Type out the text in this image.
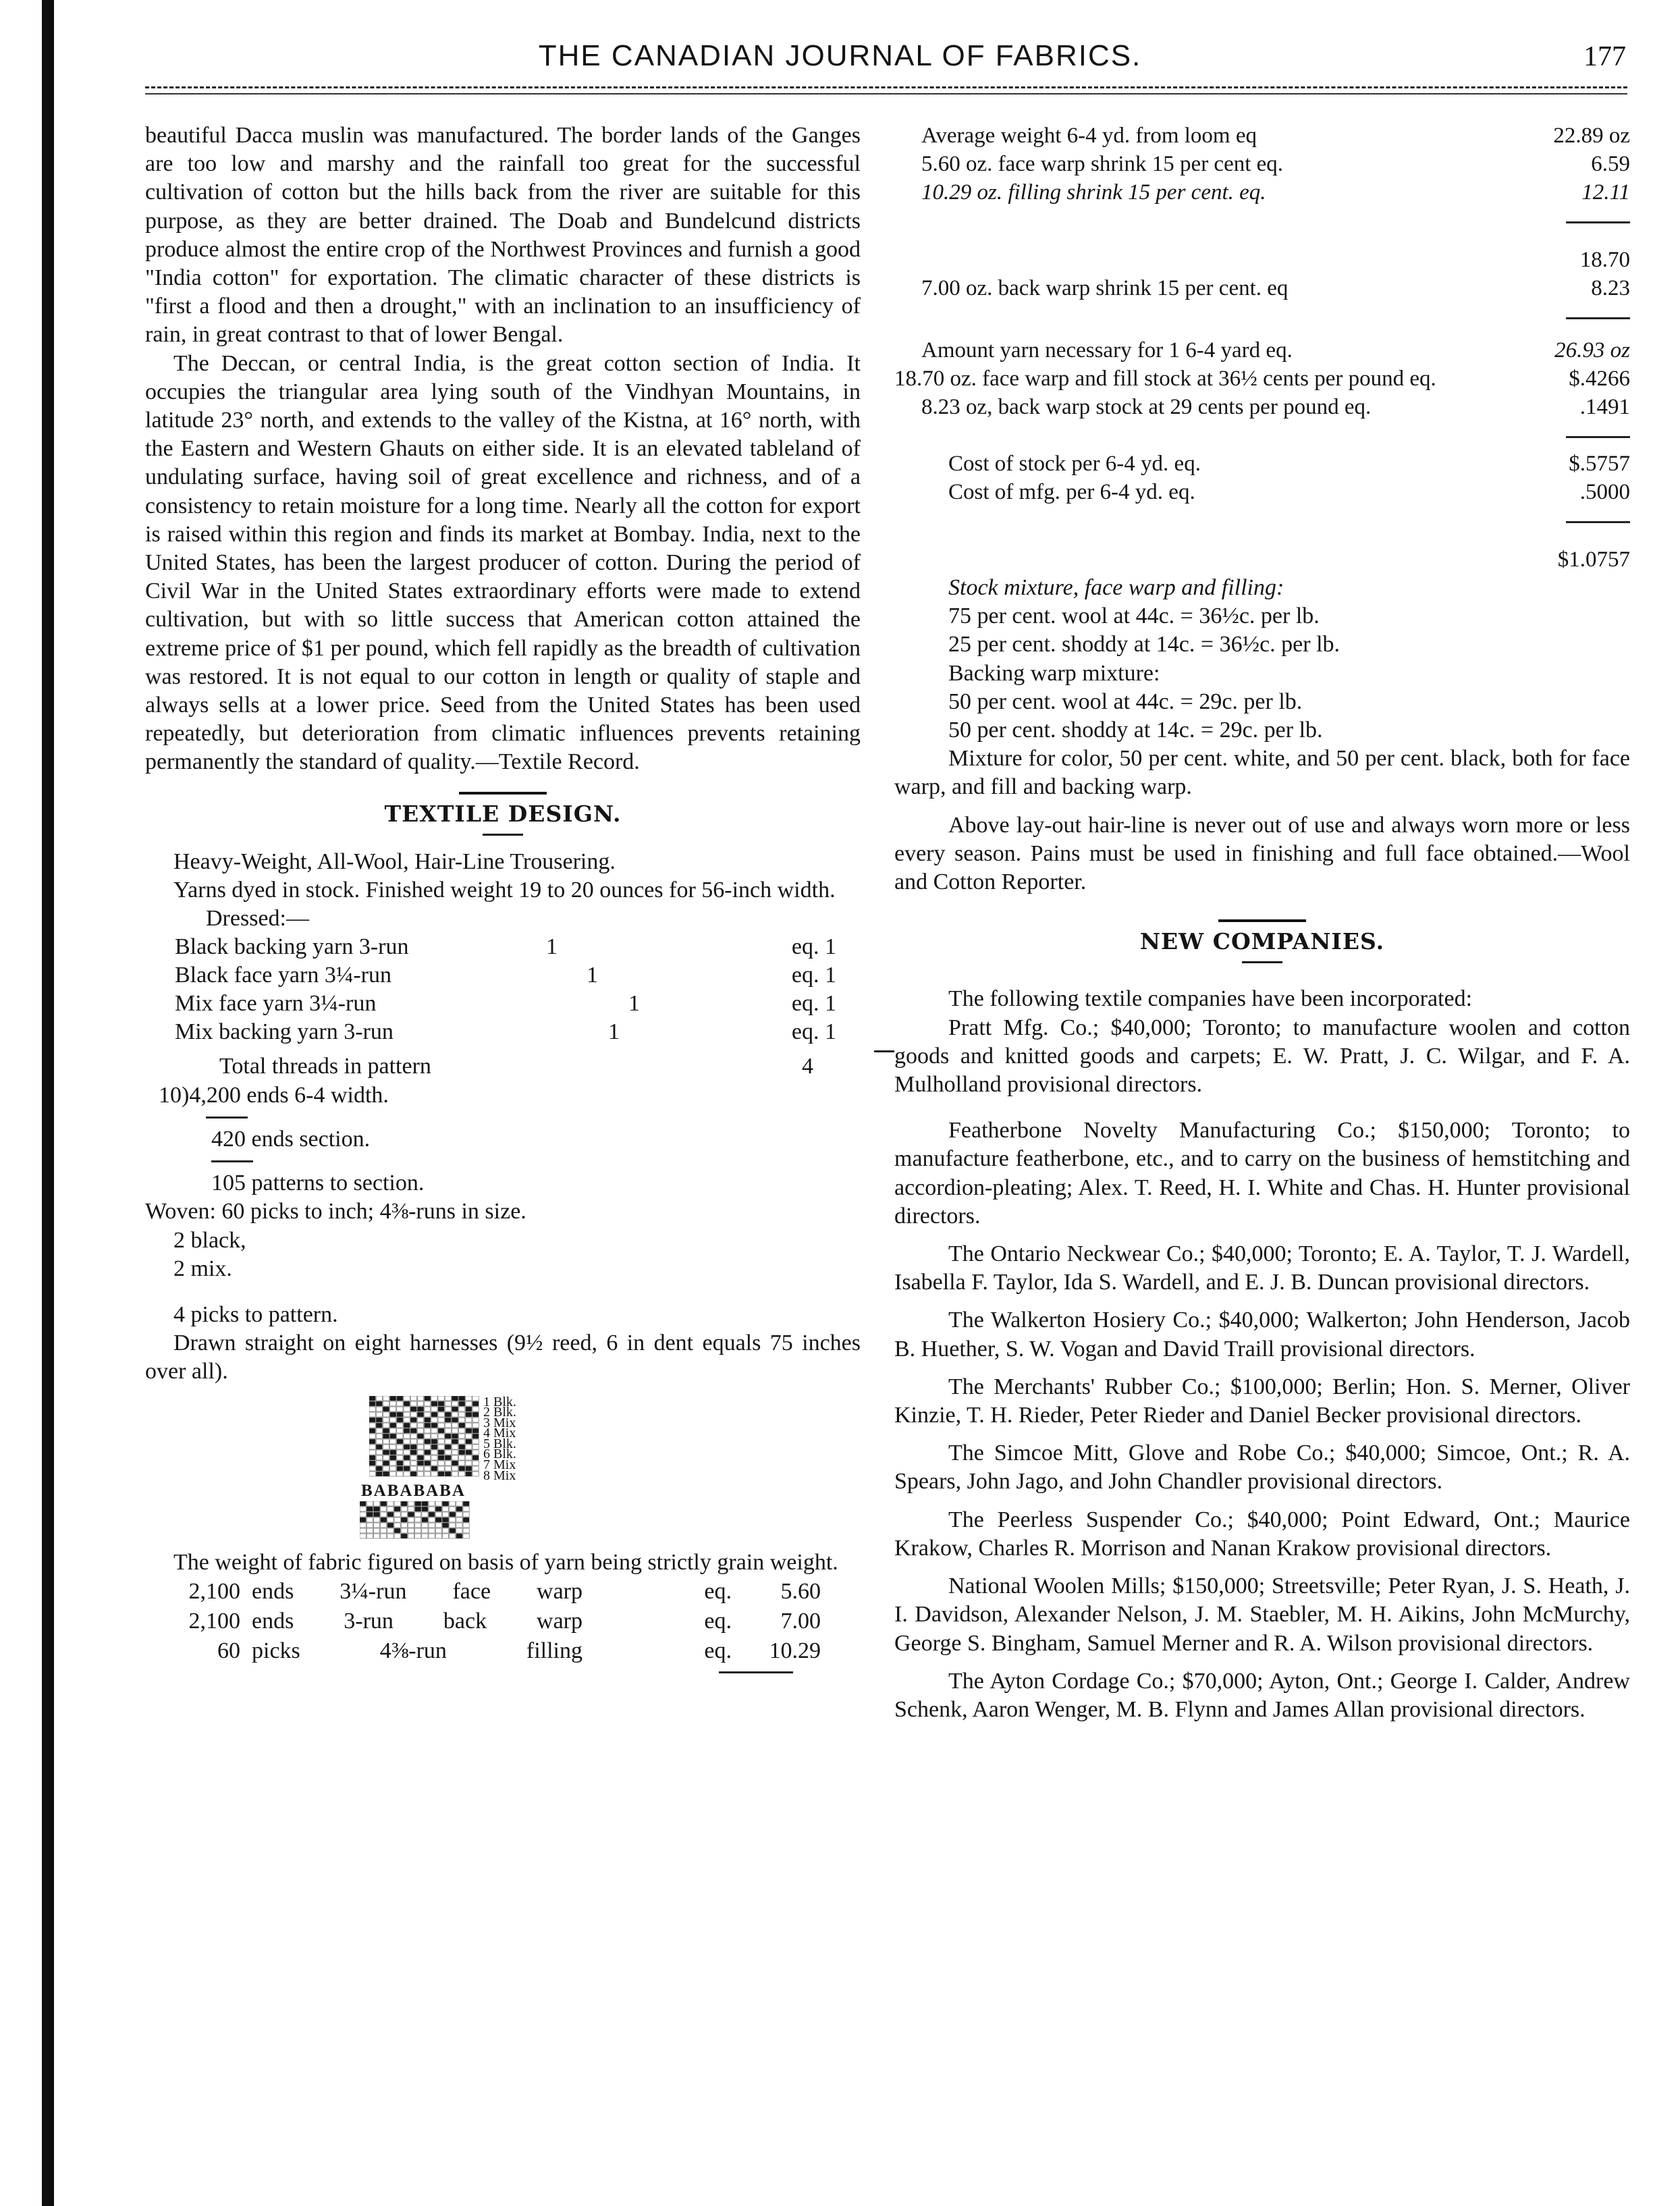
THE CANADIAN JOURNAL OF FABRICS.	177

beautiful Dacca muslin was manufactured. The border lands of the Ganges are too low and marshy and the rainfall too great for the successful cultivation of cotton but the hills back from the river are suitable for this purpose, as they are better drained. The Doab and Bundelcund districts produce almost the entire crop of the Northwest Provinces and furnish a good "India cotton" for exportation. The climatic character of these districts is "first a flood and then a drought," with an inclination to an insufficiency of rain, in great contrast to that of lower Bengal.

The Deccan, or central India, is the great cotton section of India. It occupies the triangular area lying south of the Vindhyan Mountains, in latitude 23° north, and extends to the valley of the Kistna, at 16° north, with the Eastern and Western Ghauts on either side. It is an elevated tableland of undulating surface, having soil of great excellence and richness, and of a consistency to retain moisture for a long time. Nearly all the cotton for export is raised within this region and finds its market at Bombay. India, next to the United States, has been the largest producer of cotton. During the period of Civil War in the United States extraordinary efforts were made to extend cultivation, but with so little success that American cotton attained the extreme price of $1 per pound, which fell rapidly as the breadth of cultivation was restored. It is not equal to our cotton in length or quality of staple and always sells at a lower price. Seed from the United States has been used repeatedly, but deterioration from climatic influences prevents retaining permanently the standard of quality.—Textile Record.

TEXTILE DESIGN.

Heavy-Weight, All-Wool, Hair-Line Trousering.

Yarns dyed in stock. Finished weight 19 to 20 ounces for 56-inch width.

Dressed:—

Black backing yarn 3-run	1	eq. 1
Black face yarn 3¼-run	1	eq. 1
Mix face yarn 3¼-run	1	eq. 1
Mix backing yarn 3-run	1	eq. 1
Total threads in pattern	4

10)4,200 ends 6-4 width.

420 ends section.

105 patterns to section.

Woven: 60 picks to inch; 4⅜-runs in size.

2 black,

2 mix.

4 picks to pattern.

Drawn straight on eight harnesses (9½ reed, 6 in dent equals 75 inches over all).

1 Blk.
2 Blk.
3 Mix
4 Mix
5 Blk.
6 Blk.
7 Mix
8 Mix
BABABABA

The weight of fabric figured on basis of yarn being strictly grain weight.

2,100	ends 3¼-run face warp	eq.	5.60
2,100	ends 3-run back warp	eq.	7.00
60	picks 4⅜-run filling	eq.	10.29
Average weight 6-4 yd. from loom eq	22.89 oz
5.60 oz. face warp shrink 15 per cent eq.	6.59
10.29 oz. filling shrink 15 per cent. eq.	12.11

	18.70
7.00 oz. back warp shrink 15 per cent. eq	8.23

Amount yarn necessary for 1 6-4 yard eq.	26.93 oz
18.70 oz. face warp and fill stock at 36½ cents per pound eq.	$.4266
8.23 oz, back warp stock at 29 cents per pound eq.	.1491

Cost of stock per 6-4 yd. eq.	$.5757
Cost of mfg. per 6-4 yd. eq.	.5000

	$1.0757

Stock mixture, face warp and filling:

75 per cent. wool at 44c. = 36½c. per lb.

25 per cent. shoddy at 14c. = 36½c. per lb.

Backing warp mixture:

50 per cent. wool at 44c. = 29c. per lb.

50 per cent. shoddy at 14c. = 29c. per lb.

Mixture for color, 50 per cent. white, and 50 per cent. black, both for face warp, and fill and backing warp.

Above lay-out hair-line is never out of use and always worn more or less every season. Pains must be used in finishing and full face obtained.—Wool and Cotton Reporter.

NEW COMPANIES.

The following textile companies have been incorporated:

Pratt Mfg. Co.; $40,000; Toronto; to manufacture woolen and cotton goods and knitted goods and carpets; E. W. Pratt, J. C. Wilgar, and F. A. Mulholland provisional directors.

Featherbone Novelty Manufacturing Co.; $150,000; Toronto; to manufacture featherbone, etc., and to carry on the business of hemstitching and accordion-pleating; Alex. T. Reed, H. I. White and Chas. H. Hunter provisional directors.

The Ontario Neckwear Co.; $40,000; Toronto; E. A. Taylor, T. J. Wardell, Isabella F. Taylor, Ida S. Wardell, and E. J. B. Duncan provisional directors.

The Walkerton Hosiery Co.; $40,000; Walkerton; John Henderson, Jacob B. Huether, S. W. Vogan and David Traill provisional directors.

The Merchants' Rubber Co.; $100,000; Berlin; Hon. S. Merner, Oliver Kinzie, T. H. Rieder, Peter Rieder and Daniel Becker provisional directors.

The Simcoe Mitt, Glove and Robe Co.; $40,000; Simcoe, Ont.; R. A. Spears, John Jago, and John Chandler provisional directors.

The Peerless Suspender Co.; $40,000; Point Edward, Ont.; Maurice Krakow, Charles R. Morrison and Nanan Krakow provisional directors.

National Woolen Mills; $150,000; Streetsville; Peter Ryan, J. S. Heath, J. I. Davidson, Alexander Nelson, J. M. Staebler, M. H. Aikins, John McMurchy, George S. Bingham, Samuel Merner and R. A. Wilson provisional directors.

The Ayton Cordage Co.; $70,000; Ayton, Ont.; George I. Calder, Andrew Schenk, Aaron Wenger, M. B. Flynn and James Allan provisional directors.
